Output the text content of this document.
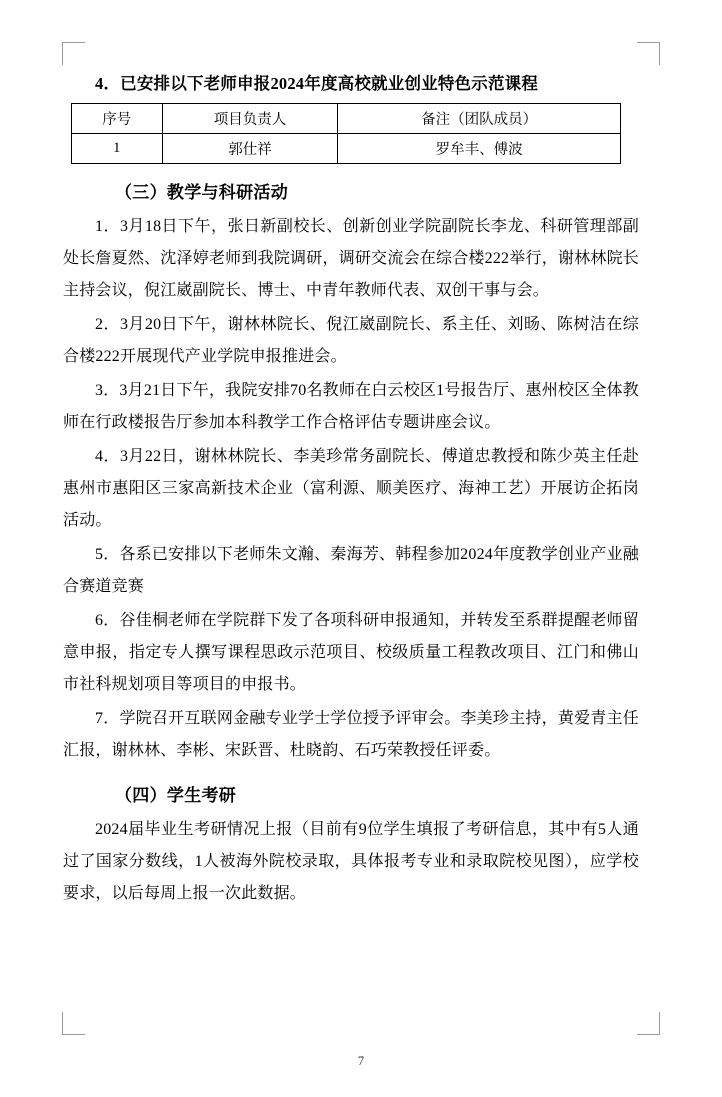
4．已安排以下老师申报2024年度高校就业创业特色示范课程
序号	项目负责人	备注（团队成员）
1	郭仕祥	罗牟丰、傅波
（三）教学与科研活动

1．3月18日下午，张日新副校长、创新创业学院副院长李龙、科研管理部副处长詹夏然、沈泽婷老师到我院调研，调研交流会在综合楼222举行，谢林林院长主持会议，倪江崴副院长、博士、中青年教师代表、双创干事与会。

2．3月20日下午，谢林林院长、倪江崴副院长、系主任、刘旸、陈树洁在综合楼222开展现代产业学院申报推进会。

3．3月21日下午，我院安排70名教师在白云校区1号报告厅、惠州校区全体教师在行政楼报告厅参加本科教学工作合格评估专题讲座会议。

4．3月22日，谢林林院长、李美珍常务副院长、傅道忠教授和陈少英主任赴惠州市惠阳区三家高新技术企业（富利源、顺美医疗、海神工艺）开展访企拓岗活动。

5．各系已安排以下老师朱文瀚、秦海芳、韩程参加2024年度教学创业产业融合赛道竞赛

6．谷佳桐老师在学院群下发了各项科研申报通知，并转发至系群提醒老师留意申报，指定专人撰写课程思政示范项目、校级质量工程教改项目、江门和佛山市社科规划项目等项目的申报书。

7．学院召开互联网金融专业学士学位授予评审会。李美珍主持，黄爱青主任汇报，谢林林、李彬、宋跃晋、杜晓韵、石巧荣教授任评委。

（四）学生考研

2024届毕业生考研情况上报（目前有9位学生填报了考研信息，其中有5人通过了国家分数线，1人被海外院校录取，具体报考专业和录取院校见图），应学校要求，以后每周上报一次此数据。

7
